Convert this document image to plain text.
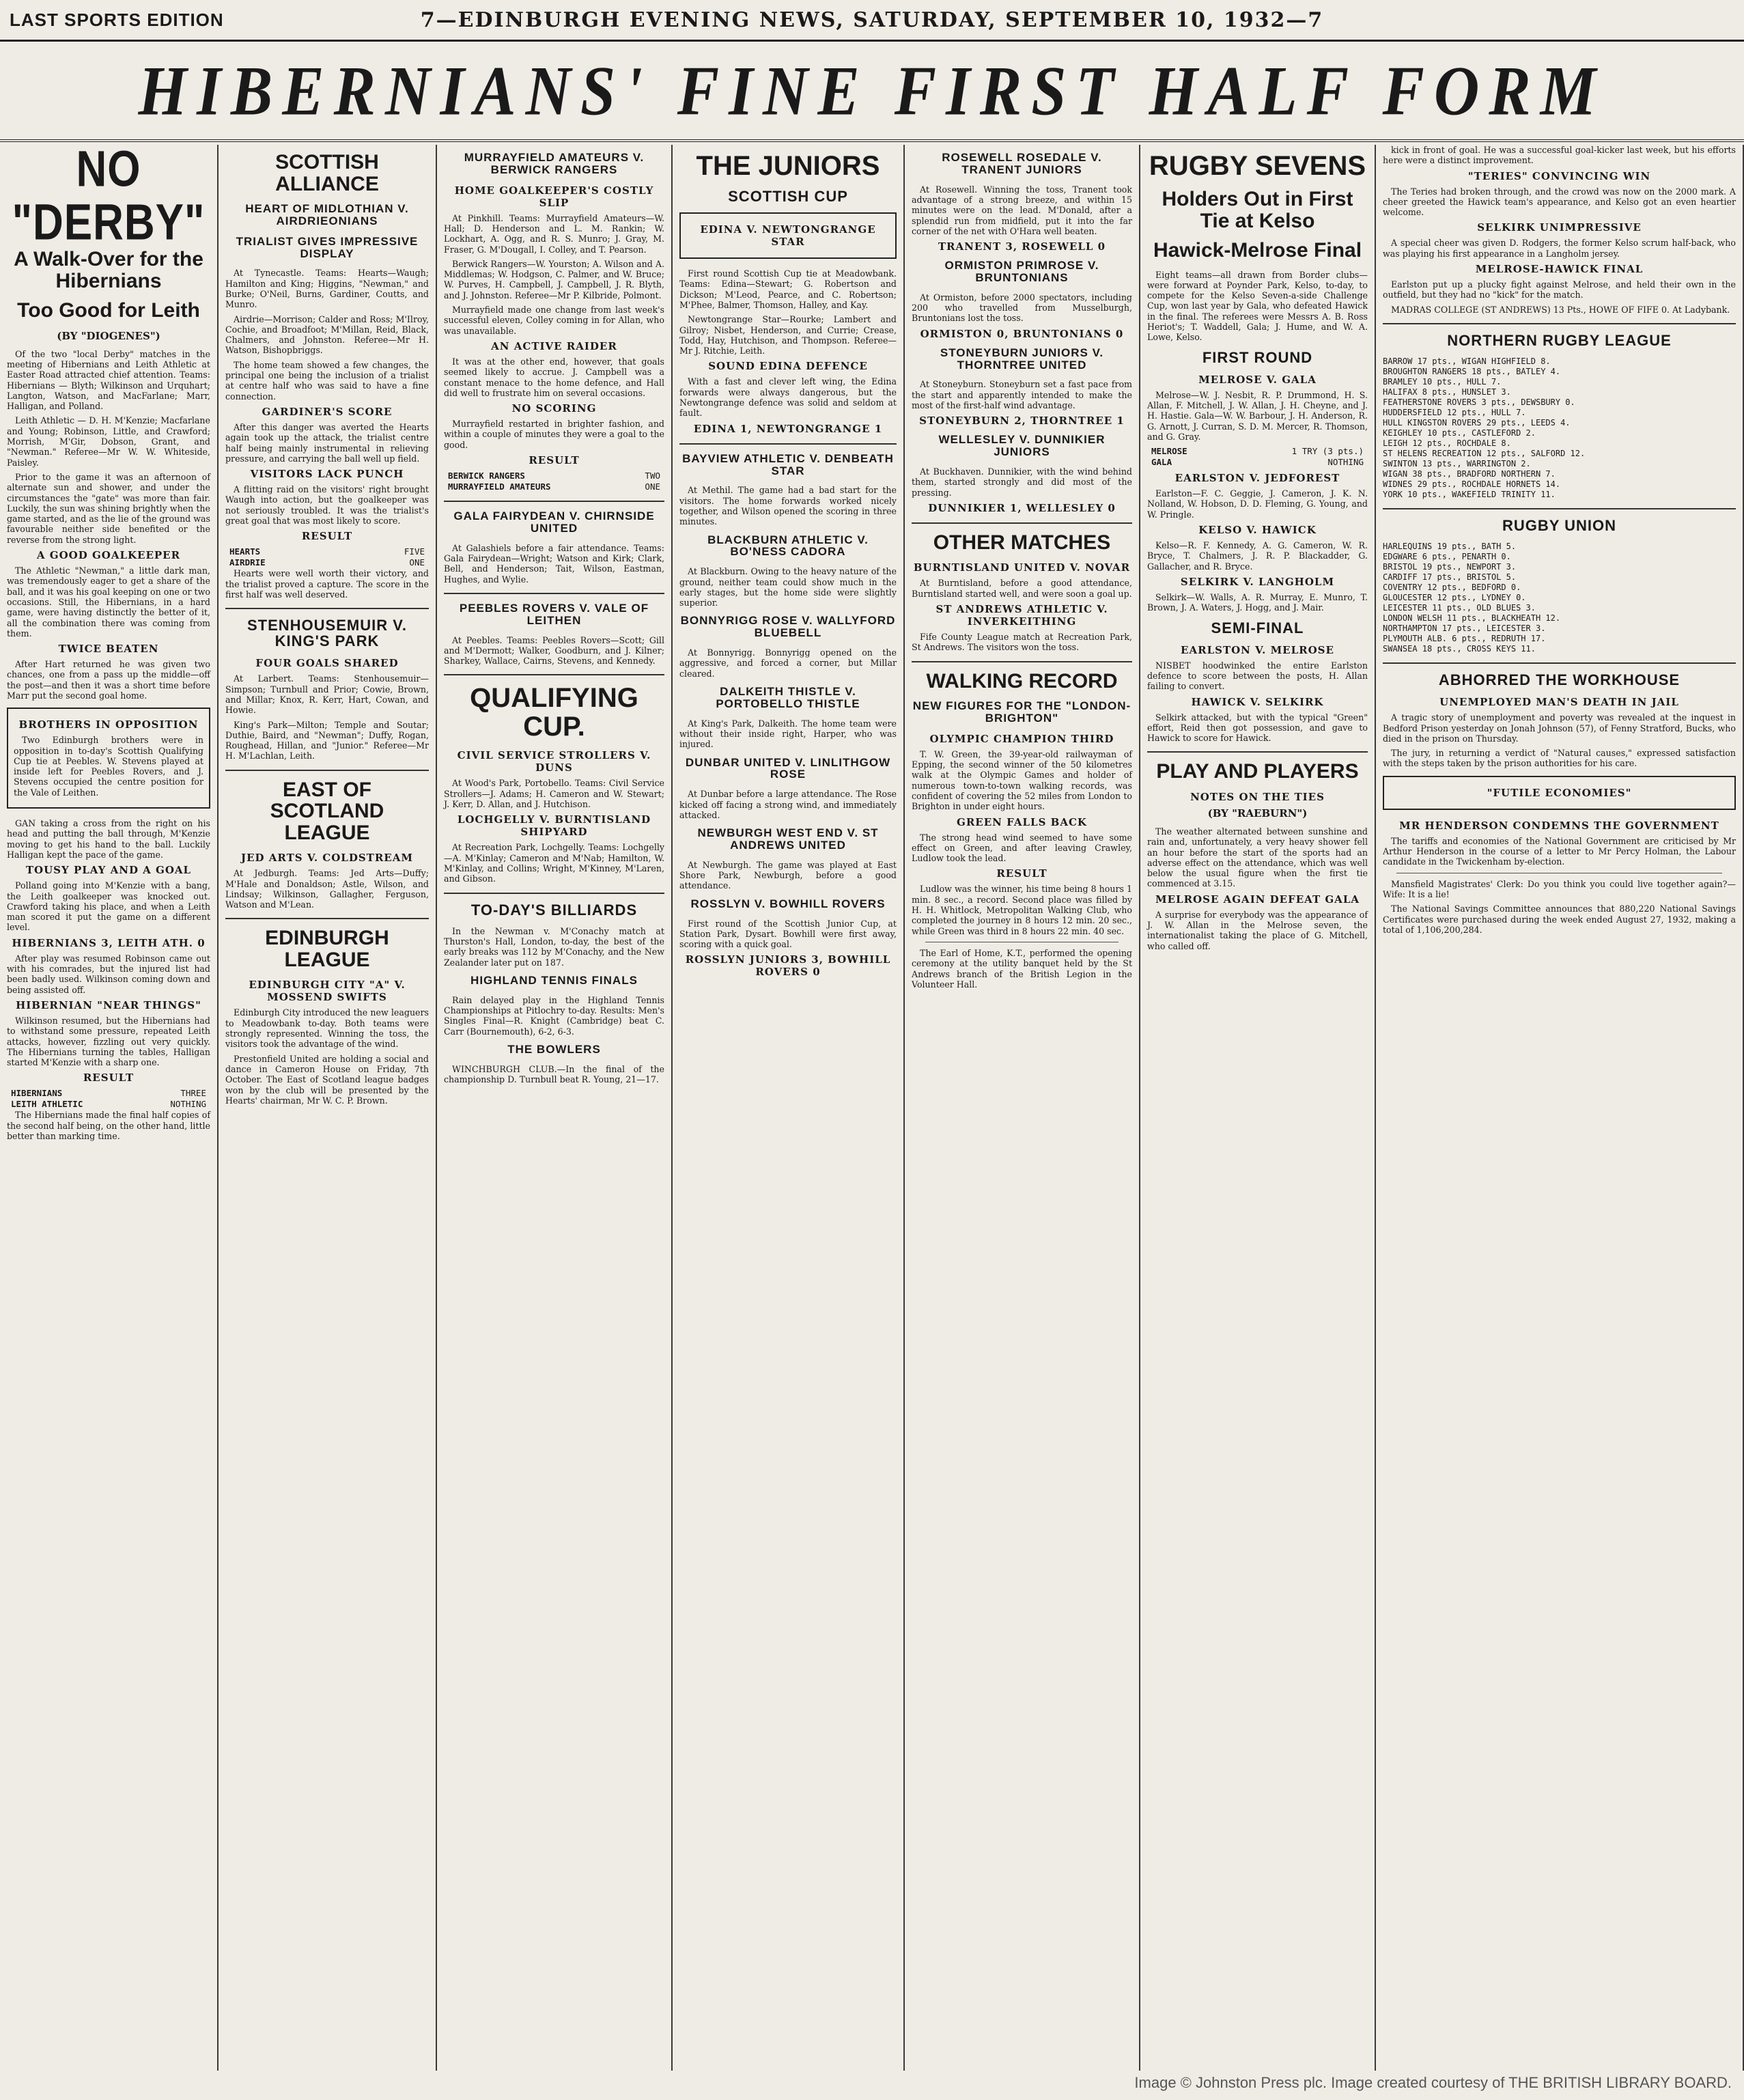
LAST SPORTS EDITION	7—EDINBURGH EVENING NEWS, SATURDAY, SEPTEMBER 10, 1932—7
HIBERNIANS' FINE FIRST HALF FORM
NO "DERBY"
A Walk-Over for the Hibernians
Too Good for Leith
(BY "DIOGENES")

Of the two "local Derby" matches in the meeting of Hibernians and Leith Athletic at Easter Road attracted chief attention. Teams: Hibernians — Blyth; Wilkinson and Urquhart; Langton, Watson, and MacFarlane; Marr, Halligan, and Polland.

Leith Athletic — D. H. M'Kenzie; Macfarlane and Young; Robinson, Little, and Crawford; Morrish, M'Gir, Dobson, Grant, and "Newman." Referee—Mr W. W. Whiteside, Paisley.

Prior to the game it was an afternoon of alternate sun and shower, and under the circumstances the "gate" was more than fair. Luckily, the sun was shining brightly when the game started, and as the lie of the ground was favourable neither side benefited or the reverse from the strong light.

A GOOD GOALKEEPER

The Athletic "Newman," a little dark man, was tremendously eager to get a share of the ball, and it was his goal keeping on one or two occasions. Still, the Hibernians, in a hard game, were having distinctly the better of it, all the combination there was coming from them.

TWICE BEATEN

After Hart returned he was given two chances, one from a pass up the middle—off the post—and then it was a short time before Marr put the second goal home.

BROTHERS IN OPPOSITION

Two Edinburgh brothers were in opposition in to-day's Scottish Qualifying Cup tie at Peebles. W. Stevens played at inside left for Peebles Rovers, and J. Stevens occupied the centre position for the Vale of Leithen.

GAN taking a cross from the right on his head and putting the ball through, M'Kenzie moving to get his hand to the ball. Luckily Halligan kept the pace of the game.

TOUSY PLAY AND A GOAL

Polland going into M'Kenzie with a bang, the Leith goalkeeper was knocked out. Crawford taking his place, and when a Leith man scored it put the game on a different level.

HIBERNIANS 3, LEITH ATH. 0

After play was resumed Robinson came out with his comrades, but the injured list had been badly used. Wilkinson coming down and being assisted off.

HIBERNIAN "NEAR THINGS"

Wilkinson resumed, but the Hibernians had to withstand some pressure, repeated Leith attacks, however, fizzling out very quickly. The Hibernians turning the tables, Halligan started M'Kenzie with a sharp one.

RESULT
HIBERNIANS	THREE
LEITH ATHLETIC	NOTHING

The Hibernians made the final half copies of the second half being, on the other hand, little better than marking time.

SCOTTISH ALLIANCE
HEART OF MIDLOTHIAN V. AIRDRIEONIANS
TRIALIST GIVES IMPRESSIVE DISPLAY

At Tynecastle. Teams: Hearts—Waugh; Hamilton and King; Higgins, "Newman," and Burke; O'Neil, Burns, Gardiner, Coutts, and Munro.

Airdrie—Morrison; Calder and Ross; M'Ilroy, Cochie, and Broadfoot; M'Millan, Reid, Black, Chalmers, and Johnston. Referee—Mr H. Watson, Bishopbriggs.

The home team showed a few changes, the principal one being the inclusion of a trialist at centre half who was said to have a fine connection.

GARDINER'S SCORE

After this danger was averted the Hearts again took up the attack, the trialist centre half being mainly instrumental in relieving pressure, and carrying the ball well up field.

VISITORS LACK PUNCH

A flitting raid on the visitors' right brought Waugh into action, but the goalkeeper was not seriously troubled. It was the trialist's great goal that was most likely to score.

RESULT
HEARTS	FIVE
AIRDRIE	ONE

Hearts were well worth their victory, and the trialist proved a capture. The score in the first half was well deserved.

STENHOUSEMUIR V. KING'S PARK
FOUR GOALS SHARED

At Larbert. Teams: Stenhousemuir—Simpson; Turnbull and Prior; Cowie, Brown, and Millar; Knox, R. Kerr, Hart, Cowan, and Howie.

King's Park—Milton; Temple and Soutar; Duthie, Baird, and "Newman"; Duffy, Rogan, Roughead, Hillan, and "Junior." Referee—Mr H. M'Lachlan, Leith.

EAST OF SCOTLAND LEAGUE
JED ARTS V. COLDSTREAM

At Jedburgh. Teams: Jed Arts—Duffy; M'Hale and Donaldson; Astle, Wilson, and Lindsay; Wilkinson, Gallagher, Ferguson, Watson and M'Lean.

EDINBURGH LEAGUE
EDINBURGH CITY "A" V. MOSSEND SWIFTS

Edinburgh City introduced the new leaguers to Meadowbank to-day. Both teams were strongly represented. Winning the toss, the visitors took the advantage of the wind.

Prestonfield United are holding a social and dance in Cameron House on Friday, 7th October. The East of Scotland league badges won by the club will be presented by the Hearts' chairman, Mr W. C. P. Brown.

MURRAYFIELD AMATEURS V. BERWICK RANGERS
HOME GOALKEEPER'S COSTLY SLIP

At Pinkhill. Teams: Murrayfield Amateurs—W. Hall; D. Henderson and L. M. Rankin; W. Lockhart, A. Ogg, and R. S. Munro; J. Gray, M. Fraser, G. M'Dougall, I. Colley, and T. Pearson.

Berwick Rangers—W. Yourston; A. Wilson and A. Middlemas; W. Hodgson, C. Palmer, and W. Bruce; W. Purves, H. Campbell, J. Campbell, J. R. Blyth, and J. Johnston. Referee—Mr P. Kilbride, Polmont.

Murrayfield made one change from last week's successful eleven, Colley coming in for Allan, who was unavailable.

AN ACTIVE RAIDER

It was at the other end, however, that goals seemed likely to accrue. J. Campbell was a constant menace to the home defence, and Hall did well to frustrate him on several occasions.

NO SCORING

Murrayfield restarted in brighter fashion, and within a couple of minutes they were a goal to the good.

RESULT
BERWICK RANGERS	TWO
MURRAYFIELD AMATEURS	ONE
GALA FAIRYDEAN V. CHIRNSIDE UNITED

At Galashiels before a fair attendance. Teams: Gala Fairydean—Wright; Watson and Kirk; Clark, Bell, and Henderson; Tait, Wilson, Eastman, Hughes, and Wylie.

PEEBLES ROVERS V. VALE OF LEITHEN

At Peebles. Teams: Peebles Rovers—Scott; Gill and M'Dermott; Walker, Goodburn, and J. Kilner; Sharkey, Wallace, Cairns, Stevens, and Kennedy.

QUALIFYING CUP.
CIVIL SERVICE STROLLERS V. DUNS

At Wood's Park, Portobello. Teams: Civil Service Strollers—J. Adams; H. Cameron and W. Stewart; J. Kerr, D. Allan, and J. Hutchison.

LOCHGELLY V. BURNTISLAND SHIPYARD

At Recreation Park, Lochgelly. Teams: Lochgelly—A. M'Kinlay; Cameron and M'Nab; Hamilton, W. M'Kinlay, and Collins; Wright, M'Kinney, M'Laren, and Gibson.

TO-DAY'S BILLIARDS

In the Newman v. M'Conachy match at Thurston's Hall, London, to-day, the best of the early breaks was 112 by M'Conachy, and the New Zealander later put on 187.

HIGHLAND TENNIS FINALS

Rain delayed play in the Highland Tennis Championships at Pitlochry to-day. Results: Men's Singles Final—R. Knight (Cambridge) beat C. Carr (Bournemouth), 6-2, 6-3.

THE BOWLERS

WINCHBURGH CLUB.—In the final of the championship D. Turnbull beat R. Young, 21—17.

THE JUNIORS
SCOTTISH CUP
EDINA V. NEWTONGRANGE STAR

First round Scottish Cup tie at Meadowbank. Teams: Edina—Stewart; G. Robertson and Dickson; M'Leod, Pearce, and C. Robertson; M'Phee, Balmer, Thomson, Halley, and Kay.

Newtongrange Star—Rourke; Lambert and Gilroy; Nisbet, Henderson, and Currie; Crease, Todd, Hay, Hutchison, and Thompson. Referee—Mr J. Ritchie, Leith.

SOUND EDINA DEFENCE

With a fast and clever left wing, the Edina forwards were always dangerous, but the Newtongrange defence was solid and seldom at fault.

EDINA 1, NEWTONGRANGE 1
BAYVIEW ATHLETIC V. DENBEATH STAR

At Methil. The game had a bad start for the visitors. The home forwards worked nicely together, and Wilson opened the scoring in three minutes.

BLACKBURN ATHLETIC V. BO'NESS CADORA

At Blackburn. Owing to the heavy nature of the ground, neither team could show much in the early stages, but the home side were slightly superior.

BONNYRIGG ROSE V. WALLYFORD BLUEBELL

At Bonnyrigg. Bonnyrigg opened on the aggressive, and forced a corner, but Millar cleared.

DALKEITH THISTLE V. PORTOBELLO THISTLE

At King's Park, Dalkeith. The home team were without their inside right, Harper, who was injured.

DUNBAR UNITED V. LINLITHGOW ROSE

At Dunbar before a large attendance. The Rose kicked off facing a strong wind, and immediately attacked.

NEWBURGH WEST END V. ST ANDREWS UNITED

At Newburgh. The game was played at East Shore Park, Newburgh, before a good attendance.

ROSSLYN V. BOWHILL ROVERS

First round of the Scottish Junior Cup, at Station Park, Dysart. Bowhill were first away, scoring with a quick goal.

ROSSLYN JUNIORS 3, BOWHILL ROVERS 0
ROSEWELL ROSEDALE V. TRANENT JUNIORS

At Rosewell. Winning the toss, Tranent took advantage of a strong breeze, and within 15 minutes were on the lead. M'Donald, after a splendid run from midfield, put it into the far corner of the net with O'Hara well beaten.

TRANENT 3, ROSEWELL 0
ORMISTON PRIMROSE V. BRUNTONIANS

At Ormiston, before 2000 spectators, including 200 who travelled from Musselburgh, Bruntonians lost the toss.

ORMISTON 0, BRUNTONIANS 0
STONEYBURN JUNIORS V. THORNTREE UNITED

At Stoneyburn. Stoneyburn set a fast pace from the start and apparently intended to make the most of the first-half wind advantage.

STONEYBURN 2, THORNTREE 1
WELLESLEY V. DUNNIKIER JUNIORS

At Buckhaven. Dunnikier, with the wind behind them, started strongly and did most of the pressing.

DUNNIKIER 1, WELLESLEY 0
OTHER MATCHES
BURNTISLAND UNITED V. NOVAR

At Burntisland, before a good attendance, Burntisland started well, and were soon a goal up.

ST ANDREWS ATHLETIC V. INVERKEITHING

Fife County League match at Recreation Park, St Andrews. The visitors won the toss.

WALKING RECORD
NEW FIGURES FOR THE "LONDON-BRIGHTON"
OLYMPIC CHAMPION THIRD

T. W. Green, the 39-year-old railwayman of Epping, the second winner of the 50 kilometres walk at the Olympic Games and holder of numerous town-to-town walking records, was confident of covering the 52 miles from London to Brighton in under eight hours.

GREEN FALLS BACK

The strong head wind seemed to have some effect on Green, and after leaving Crawley, Ludlow took the lead.

RESULT

Ludlow was the winner, his time being 8 hours 1 min. 8 sec., a record. Second place was filled by H. H. Whitlock, Metropolitan Walking Club, who completed the journey in 8 hours 12 min. 20 sec., while Green was third in 8 hours 22 min. 40 sec.

The Earl of Home, K.T., performed the opening ceremony at the utility banquet held by the St Andrews branch of the British Legion in the Volunteer Hall.

RUGBY SEVENS
Holders Out in First Tie at Kelso
Hawick-Melrose Final

Eight teams—all drawn from Border clubs—were forward at Poynder Park, Kelso, to-day, to compete for the Kelso Seven-a-side Challenge Cup, won last year by Gala, who defeated Hawick in the final. The referees were Messrs A. B. Ross Heriot's; T. Waddell, Gala; J. Hume, and W. A. Lowe, Kelso.

FIRST ROUND
MELROSE V. GALA

Melrose—W. J. Nesbit, R. P. Drummond, H. S. Allan, F. Mitchell, J. W. Allan, J. H. Cheyne, and J. H. Hastie. Gala—W. W. Barbour, J. H. Anderson, R. G. Arnott, J. Curran, S. D. M. Mercer, R. Thomson, and G. Gray.

MELROSE	1 TRY (3 pts.)
GALA	NOTHING
EARLSTON V. JEDFOREST

Earlston—F. C. Geggie, J. Cameron, J. K. N. Nolland, W. Hobson, D. D. Fleming, G. Young, and W. Pringle.

KELSO V. HAWICK

Kelso—R. F. Kennedy, A. G. Cameron, W. R. Bryce, T. Chalmers, J. R. P. Blackadder, G. Gallacher, and R. Bryce.

SELKIRK V. LANGHOLM

Selkirk—W. Walls, A. R. Murray, E. Munro, T. Brown, J. A. Waters, J. Hogg, and J. Mair.

SEMI-FINAL
EARLSTON V. MELROSE

NISBET hoodwinked the entire Earlston defence to score between the posts, H. Allan failing to convert.

HAWICK V. SELKIRK

Selkirk attacked, but with the typical "Green" effort, Reid then got possession, and gave to Hawick to score for Hawick.

PLAY AND PLAYERS
NOTES ON THE TIES
(BY "RAEBURN")

The weather alternated between sunshine and rain and, unfortunately, a very heavy shower fell an hour before the start of the sports had an adverse effect on the attendance, which was well below the usual figure when the first tie commenced at 3.15.

MELROSE AGAIN DEFEAT GALA

A surprise for everybody was the appearance of J. W. Allan in the Melrose seven, the internationalist taking the place of G. Mitchell, who called off.

kick in front of goal. He was a successful goal-kicker last week, but his efforts here were a distinct improvement.

"TERIES" CONVINCING WIN

The Teries had broken through, and the crowd was now on the 2000 mark. A cheer greeted the Hawick team's appearance, and Kelso got an even heartier welcome.

SELKIRK UNIMPRESSIVE

A special cheer was given D. Rodgers, the former Kelso scrum half-back, who was playing his first appearance in a Langholm jersey.

MELROSE-HAWICK FINAL

Earlston put up a plucky fight against Melrose, and held their own in the outfield, but they had no "kick" for the match.

MADRAS COLLEGE (ST ANDREWS) 13 Pts., HOWE OF FIFE 0. At Ladybank.

NORTHERN RUGBY LEAGUE

BARROW 17 pts., WIGAN HIGHFIELD 8.
BROUGHTON RANGERS 18 pts., BATLEY 4.
BRAMLEY 10 pts., HULL 7.
HALIFAX 8 pts., HUNSLET 3.
FEATHERSTONE ROVERS 3 pts., DEWSBURY 0.
HUDDERSFIELD 12 pts., HULL 7.
HULL KINGSTON ROVERS 29 pts., LEEDS 4.
KEIGHLEY 10 pts., CASTLEFORD 2.
LEIGH 12 pts., ROCHDALE 8.
ST HELENS RECREATION 12 pts., SALFORD 12.
SWINTON 13 pts., WARRINGTON 2.
WIGAN 38 pts., BRADFORD NORTHERN 7.
WIDNES 29 pts., ROCHDALE HORNETS 14.
YORK 10 pts., WAKEFIELD TRINITY 11.

RUGBY UNION

HARLEQUINS 19 pts., BATH 5.
EDGWARE 6 pts., PENARTH 0.
BRISTOL 19 pts., NEWPORT 3.
CARDIFF 17 pts., BRISTOL 5.
COVENTRY 12 pts., BEDFORD 0.
GLOUCESTER 12 pts., LYDNEY 0.
LEICESTER 11 pts., OLD BLUES 3.
LONDON WELSH 11 pts., BLACKHEATH 12.
NORTHAMPTON 17 pts., LEICESTER 3.
PLYMOUTH ALB. 6 pts., REDRUTH 17.
SWANSEA 18 pts., CROSS KEYS 11.

ABHORRED THE WORKHOUSE
UNEMPLOYED MAN'S DEATH IN JAIL

A tragic story of unemployment and poverty was revealed at the inquest in Bedford Prison yesterday on Jonah Johnson (57), of Fenny Stratford, Bucks, who died in the prison on Thursday.

The jury, in returning a verdict of "Natural causes," expressed satisfaction with the steps taken by the prison authorities for his care.

"FUTILE ECONOMIES"
MR HENDERSON CONDEMNS THE GOVERNMENT

The tariffs and economies of the National Government are criticised by Mr Arthur Henderson in the course of a letter to Mr Percy Holman, the Labour candidate in the Twickenham by-election.

Mansfield Magistrates' Clerk: Do you think you could live together again?—Wife: It is a lie!

The National Savings Committee announces that 880,220 National Savings Certificates were purchased during the week ended August 27, 1932, making a total of 1,106,200,284.

Image © Johnston Press plc. Image created courtesy of THE BRITISH LIBRARY BOARD.
